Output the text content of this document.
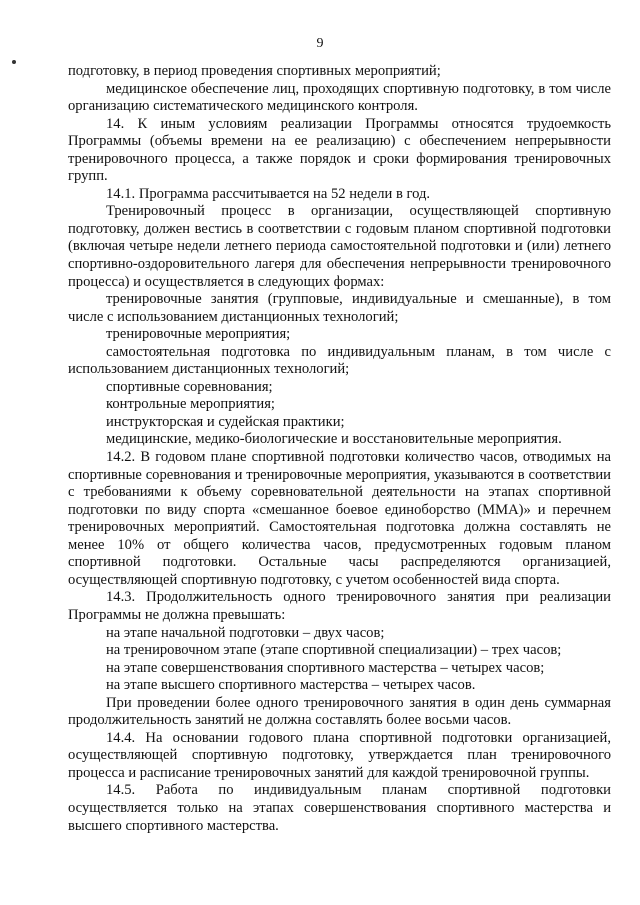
9

подготовку, в период проведения спортивных мероприятий;

медицинское обеспечение лиц, проходящих спортивную подготовку, в том числе организацию систематического медицинского контроля.

14. К иным условиям реализации Программы относятся трудоемкость Программы (объемы времени на ее реализацию) с обеспечением непрерывности тренировочного процесса, а также порядок и сроки формирования тренировочных групп.

14.1. Программа рассчитывается на 52 недели в год.

Тренировочный процесс в организации, осуществляющей спортивную подготовку, должен вестись в соответствии с годовым планом спортивной подготовки (включая четыре недели летнего периода самостоятельной подготовки и (или) летнего спортивно-оздоровительного лагеря для обеспечения непрерывности тренировочного процесса) и осуществляется в следующих формах:

тренировочные занятия (групповые, индивидуальные и смешанные), в том числе с использованием дистанционных технологий;

тренировочные мероприятия;

самостоятельная подготовка по индивидуальным планам, в том числе с использованием дистанционных технологий;

спортивные соревнования;

контрольные мероприятия;

инструкторская и судейская практики;

медицинские, медико-биологические и восстановительные мероприятия.

14.2. В годовом плане спортивной подготовки количество часов, отводимых на спортивные соревнования и тренировочные мероприятия, указываются в соответствии с требованиями к объему соревновательной деятельности на этапах спортивной подготовки по виду спорта «смешанное боевое единоборство (ММА)» и перечнем тренировочных мероприятий. Самостоятельная подготовка должна составлять не менее 10% от общего количества часов, предусмотренных годовым планом спортивной подготовки. Остальные часы распределяются организацией, осуществляющей спортивную подготовку, с учетом особенностей вида спорта.

14.3. Продолжительность одного тренировочного занятия при реализации Программы не должна превышать:

на этапе начальной подготовки – двух часов;

на тренировочном этапе (этапе спортивной специализации) – трех часов;

на этапе совершенствования спортивного мастерства – четырех часов;

на этапе высшего спортивного мастерства – четырех часов.

При проведении более одного тренировочного занятия в один день суммарная продолжительность занятий не должна составлять более восьми часов.

14.4. На основании годового плана спортивной подготовки организацией, осуществляющей спортивную подготовку, утверждается план тренировочного процесса и расписание тренировочных занятий для каждой тренировочной группы.

14.5. Работа по индивидуальным планам спортивной подготовки осуществляется только на этапах совершенствования спортивного мастерства и высшего спортивного мастерства.
